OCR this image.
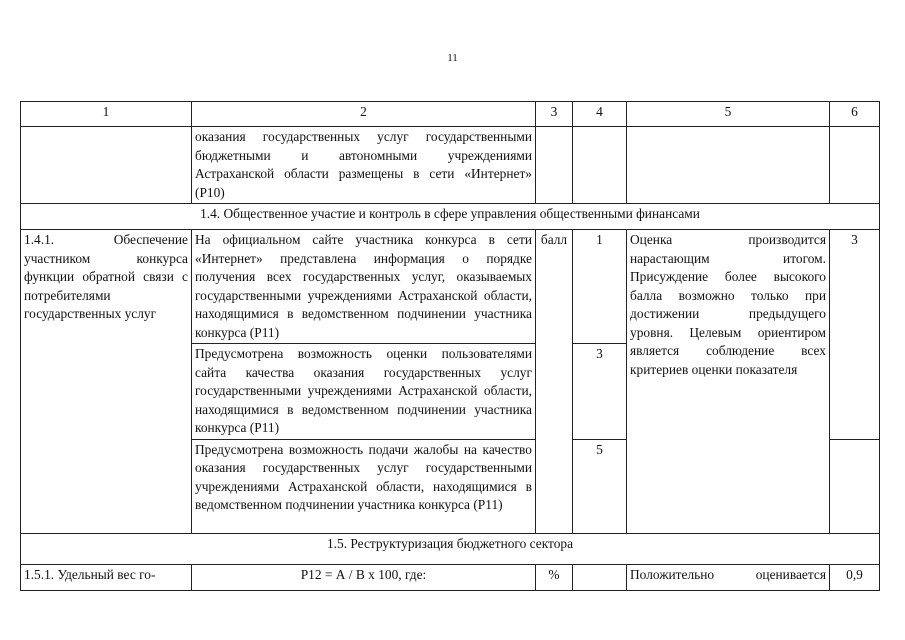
11
1	2	3	4	5	6
	оказания государственных услуг государственными бюджетными и автономными учреждениями Астраханской области размещены в сети «Интернет» (Р10)				
1.4. Общественное участие и контроль в сфере управления общественными финансами					
1.4.1. Обеспечение участником конкурса функции обратной связи с потребителями государственных услуг	На официальном сайте участника конкурса в сети «Интернет» представлена информация о порядке получения всех государственных услуг, оказываемых государственными учреждениями Астраханской области, находящимися в ведомственном подчинении участника конкурса (Р11)	балл	1	Оценка производится нарастающим итогом. Присуждение более высокого балла возможно только при достижении предыдущего уровня. Целевым ориентиром является соблюдение всех критериев оценки показателя	3
	Предусмотрена возможность оценки пользователями сайта качества оказания государственных услуг государственными учреждениями Астраханской области, находящимися в ведомственном подчинении участника конкурса (Р11)		3		
	Предусмотрена возможность подачи жалобы на качество оказания государственных услуг государственными учреждениями Астраханской области, находящимися в ведомственном подчинении участника конкурса (Р11)		5		
1.5. Реструктуризация бюджетного сектора					
1.5.1. Удельный вес го-	Р12 = А / В х 100, где:	%		Положительно оценивается	0,9
